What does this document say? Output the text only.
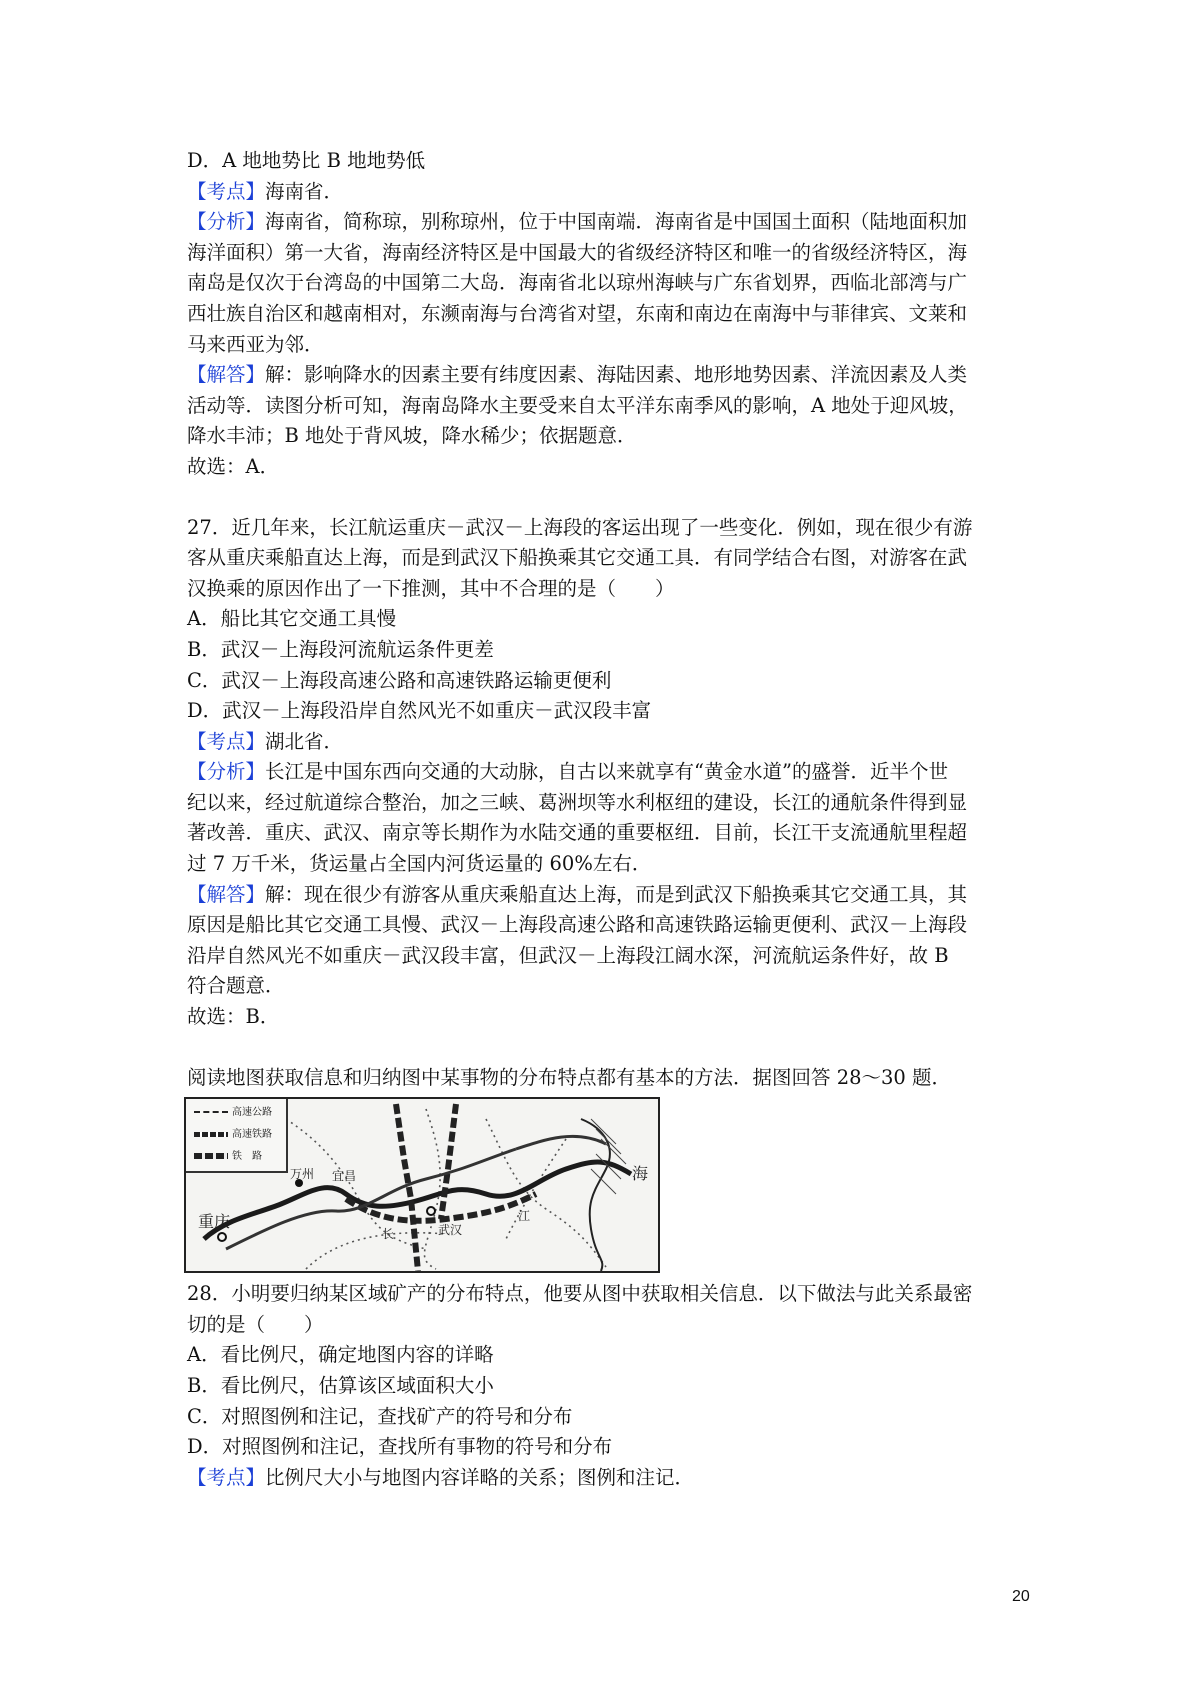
D．A 地地势比 B 地地势低
【考点】海南省．
【分析】海南省，简称琼，别称琼州，位于中国南端．海南省是中国国土面积（陆地面积加
海洋面积）第一大省，海南经济特区是中国最大的省级经济特区和唯一的省级经济特区，海
南岛是仅次于台湾岛的中国第二大岛．海南省北以琼州海峡与广东省划界，西临北部湾与广
西壮族自治区和越南相对，东濒南海与台湾省对望，东南和南边在南海中与菲律宾、文莱和
马来西亚为邻．
【解答】解：影响降水的因素主要有纬度因素、海陆因素、地形地势因素、洋流因素及人类
活动等．读图分析可知，海南岛降水主要受来自太平洋东南季风的影响，A 地处于迎风坡，
降水丰沛；B 地处于背风坡，降水稀少；依据题意．
故选：A．
27．近几年来，长江航运重庆－武汉－上海段的客运出现了一些变化．例如，现在很少有游
客从重庆乘船直达上海，而是到武汉下船换乘其它交通工具．有同学结合右图，对游客在武
汉换乘的原因作出了一下推测，其中不合理的是（　　）
A．船比其它交通工具慢
B．武汉－上海段河流航运条件更差
C．武汉－上海段高速公路和高速铁路运输更便利
D．武汉－上海段沿岸自然风光不如重庆－武汉段丰富
【考点】湖北省．
【分析】长江是中国东西向交通的大动脉，自古以来就享有“黄金水道”的盛誉．近半个世
纪以来，经过航道综合整治，加之三峡、葛洲坝等水利枢纽的建设，长江的通航条件得到显
著改善．重庆、武汉、南京等长期作为水陆交通的重要枢纽．目前，长江干支流通航里程超
过 7 万千米，货运量占全国内河货运量的 60%左右．
【解答】解：现在很少有游客从重庆乘船直达上海，而是到武汉下船换乘其它交通工具，其
原因是船比其它交通工具慢、武汉－上海段高速公路和高速铁路运输更便利、武汉－上海段
沿岸自然风光不如重庆－武汉段丰富，但武汉－上海段江阔水深，河流航运条件好，故 B
符合题意．
故选：B．
阅读地图获取信息和归纳图中某事物的分布特点都有基本的方法．据图回答 28～30 题．
高速公路
高速铁路
铁　路
重庆
万州 宜昌
武汉
长
江
海
28．小明要归纳某区域矿产的分布特点，他要从图中获取相关信息．以下做法与此关系最密
切的是（　　）
A．看比例尺，确定地图内容的详略
B．看比例尺，估算该区域面积大小
C．对照图例和注记，查找矿产的符号和分布
D．对照图例和注记，查找所有事物的符号和分布
【考点】比例尺大小与地图内容详略的关系；图例和注记．
20
